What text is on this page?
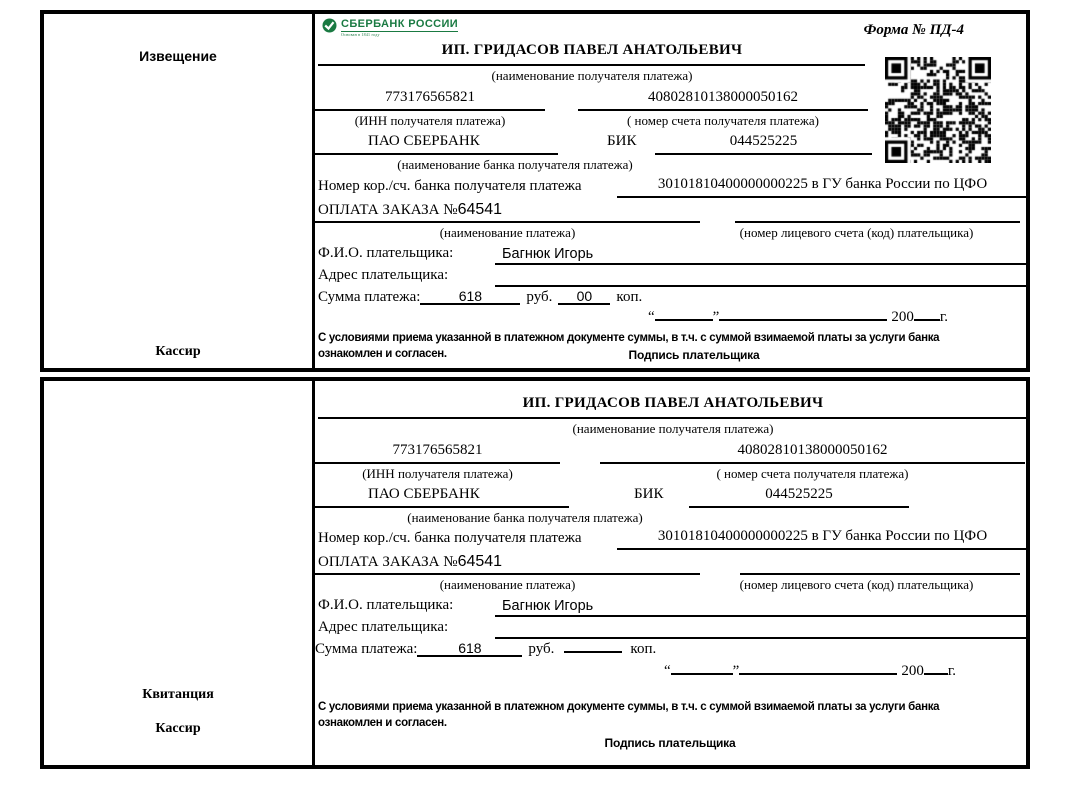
Извещение
Кассир
СБЕРБАНК РОССИИ
Основан в 1841 году	Форма № ПД-4
ИП. ГРИДАСОВ ПАВЕЛ АНАТОЛЬЕВИЧ
(наименование получателя платежа)
773176565821	40802810138000050162
(ИНН получателя платежа)	( номер счета получателя платежа)
ПАО СБЕРБАНК	БИК	044525225
(наименование банка получателя платежа)
Номер кор./сч. банка получателя платежа	30101810400000000225 в ГУ банка России по ЦФО
ОПЛАТА ЗАКАЗА №64541
(наименование платежа)	(номер лицевого счета (код) плательщика)
Ф.И.О. плательщика:	Багнюк Игорь
Адрес плательщика:
Сумма платежа:	618	руб.	00	коп.
“	”	200 г.
С условиями приема указанной в платежном документе суммы, в т.ч. с суммой взимаемой платы за услуги банка
ознакомлен и согласен.	Подпись плательщика
Квитанция
Кассир
ИП. ГРИДАСОВ ПАВЕЛ АНАТОЛЬЕВИЧ
(наименование получателя платежа)
773176565821	40802810138000050162
(ИНН получателя платежа)	( номер счета получателя платежа)
ПАО СБЕРБАНК	БИК	044525225
(наименование банка получателя платежа)
Номер кор./сч. банка получателя платежа	30101810400000000225 в ГУ банка России по ЦФО
ОПЛАТА ЗАКАЗА №64541
(наименование платежа)	(номер лицевого счета (код) плательщика)
Ф.И.О. плательщика:	Багнюк Игорь
Адрес плательщика:
Сумма платежа:	618	руб.	коп.
“	”	200 г.
С условиями приема указанной в платежном документе суммы, в т.ч. с суммой взимаемой платы за услуги банка
ознакомлен и согласен.
Подпись плательщика
